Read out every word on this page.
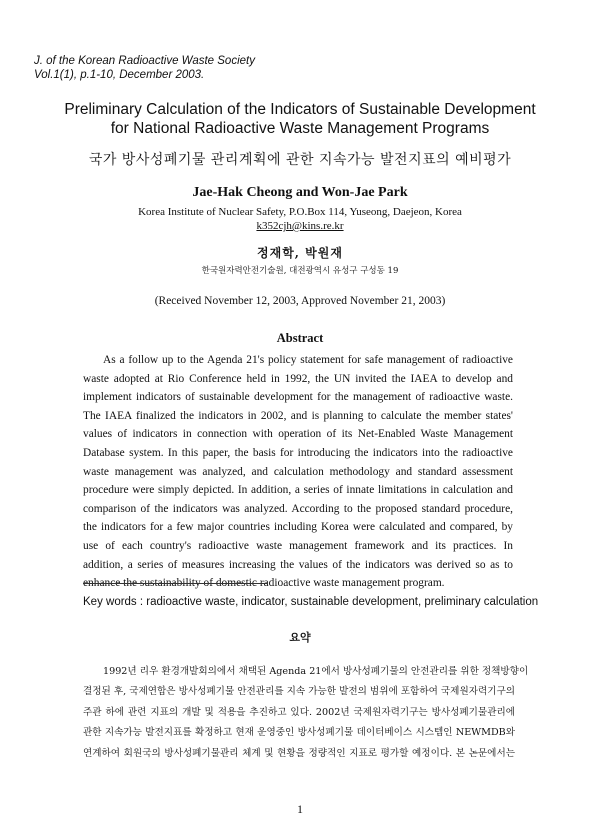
J. of the Korean Radioactive Waste Society
Vol.1(1), p.1-10, December 2003.
Preliminary Calculation of the Indicators of Sustainable Development
for National Radioactive Waste Management Programs
국가 방사성폐기물 관리계획에 관한 지속가능 발전지표의 예비평가
Jae-Hak Cheong and Won-Jae Park
Korea Institute of Nuclear Safety, P.O.Box 114, Yuseong, Daejeon, Korea
k352cjh@kins.re.kr
정재학, 박원재
한국원자력안전기술원, 대전광역시 유성구 구성동 19
(Received November 12, 2003, Approved November 21, 2003)
Abstract
As a follow up to the Agenda 21's policy statement for safe management of radioactive
waste adopted at Rio Conference held in 1992, the UN invited the IAEA to develop and
implement indicators of sustainable development for the management of radioactive waste.
The IAEA finalized the indicators in 2002, and is planning to calculate the member states'
values of indicators in connection with operation of its Net-Enabled Waste Management
Database system. In this paper, the basis for introducing the indicators into the radioactive
waste management was analyzed, and calculation methodology and standard assessment
procedure were simply depicted. In addition, a series of innate limitations in calculation and
comparison of the indicators was analyzed. According to the proposed standard procedure,
the indicators for a few major countries including Korea were calculated and compared, by
use of each country's radioactive waste management framework and its practices. In
addition, a series of measures increasing the values of the indicators was derived so as to
enhance the sustainability of domestic radioactive waste management program.
Key words : radioactive waste, indicator, sustainable development, preliminary calculation
요약
1992년 리우 환경개발회의에서 채택된 Agenda 21에서 방사성폐기물의 안전관리를 위한 정책방향이
결정된 후, 국제연합은 방사성폐기물 안전관리를 지속 가능한 발전의 범위에 포함하여 국제원자력기구의
주관 하에 관련 지표의 개발 및 적용을 추진하고 있다. 2002년 국제원자력기구는 방사성폐기물관리에
관한 지속가능 발전지표를 확정하고 현재 운영중인 방사성폐기물 데이터베이스 시스템인 NEWMDB와
연계하여 회원국의 방사성폐기물관리 체계 및 현황을 정량적인 지표로 평가할 예정이다. 본 논문에서는
1
